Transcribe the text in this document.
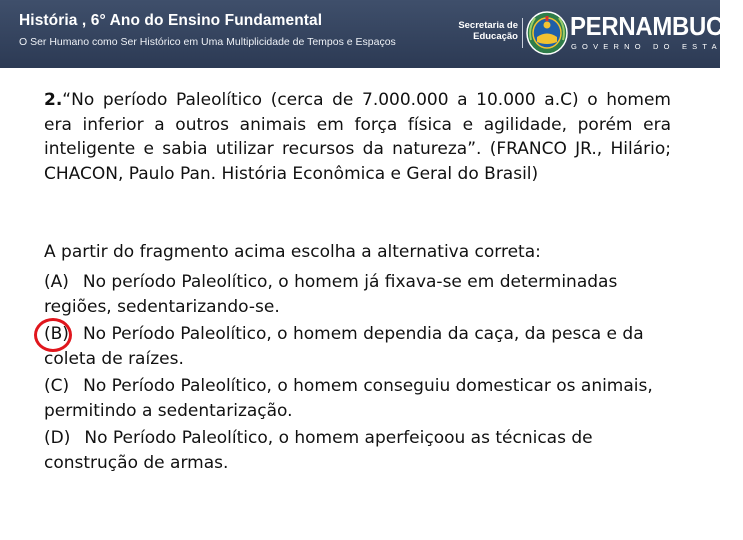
História , 6° Ano do Ensino Fundamental
O Ser Humano como Ser Histórico em Uma Multiplicidade de Tempos e Espaços
Secretaria de
Educação PERNAMBUCO
GOVERNO DO ESTADO
2.“No período Paleolítico (cerca de 7.000.000 a 10.000 a.C) o homem era inferior a outros animais em força física e agilidade, porém era inteligente e sabia utilizar recursos da natureza”. (FRANCO JR., Hilário; CHACON, Paulo Pan. História Econômica e Geral do Brasil)
A partir do fragmento acima escolha a alternativa correta:
(A) No período Paleolítico, o homem já fixava-se em determinadas regiões, sedentarizando-se.
(B) No Período Paleolítico, o homem dependia da caça, da pesca e da coleta de raízes.
(C) No Período Paleolítico, o homem conseguiu domesticar os animais, permitindo a sedentarização.
(D) No Período Paleolítico, o homem aperfeiçoou as técnicas de construção de armas.
